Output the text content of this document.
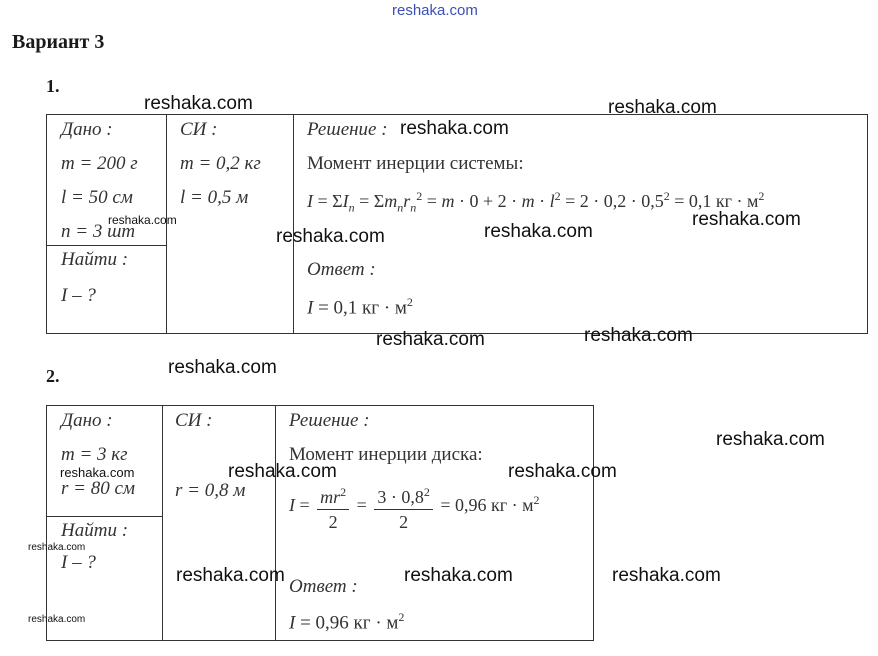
reshaka.com
Вариант 3
1.
Дано :
m = 200 г
l = 50 см
n = 3 шт
Найти :
I – ?
СИ :
m = 0,2 кг
l = 0,5 м
Решение :
Момент инерции системы:
$I = \Sigma I_n = \Sigma m_nr_n^2 = m \cdot 0 + 2 \cdot m \cdot l^2 = 2 \cdot 0,2 \cdot 0,5^2 = 0,1$ кг · $м^2$
Ответ :
I = 0,1 кг · $м^2$
2.
Дано :
m = 3 кг
r = 80 см
Найти :
I – ?
СИ :
r = 0,8 м
Решение :
Момент инерции диска:
$I = \frac{mr^2}{2} = \frac{3 \cdot 0,8^2}{2} = 0,96$ кг · $м^2$
Ответ :
I = 0,96 кг · $м^2$
reshaka.com	reshaka.com
reshaka.com
reshaka.com	reshaka.com
reshaka.com
reshaka.com
reshaka.com
reshaka.com
reshaka.com
reshaka.com
reshaka.com	reshaka.com
reshaka.com
reshaka.com
reshaka.com	reshaka.com	reshaka.com
reshaka.com
